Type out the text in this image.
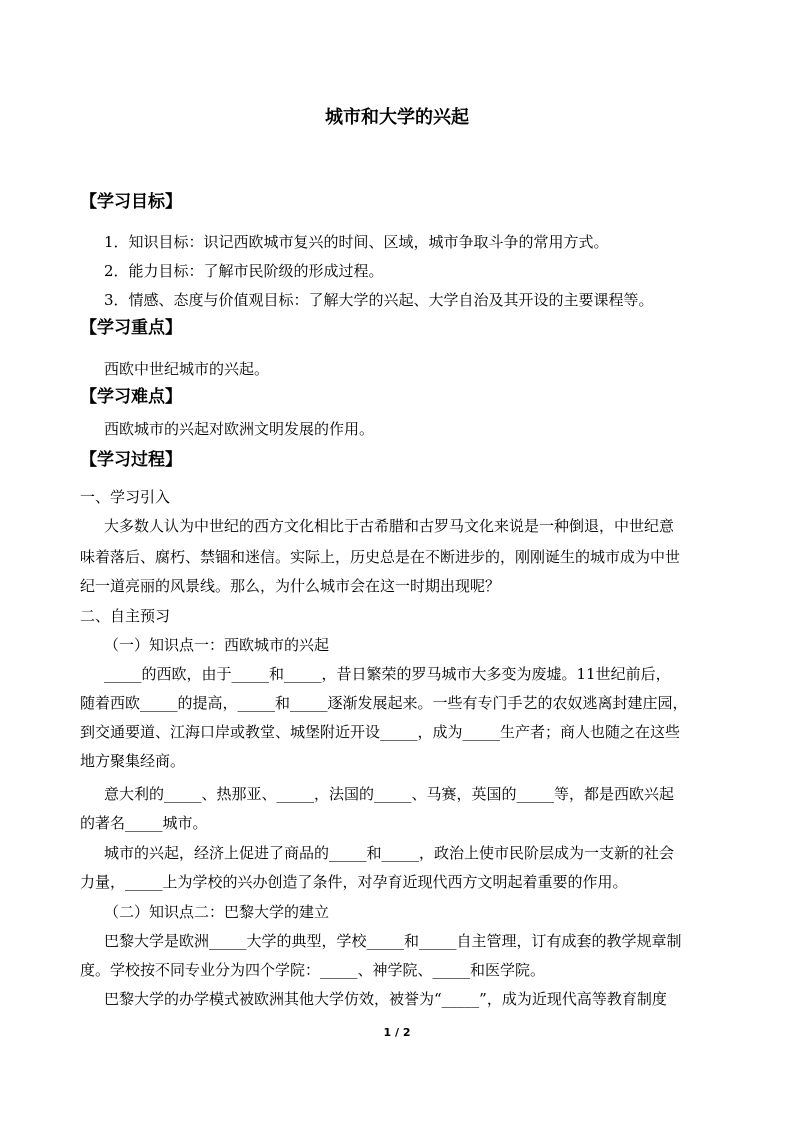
城市和大学的兴起
【学习目标】
1．知识目标：识记西欧城市复兴的时间、区域，城市争取斗争的常用方式。
2．能力目标：了解市民阶级的形成过程。
3．情感、态度与价值观目标：了解大学的兴起、大学自治及其开设的主要课程等。
【学习重点】
西欧中世纪城市的兴起。
【学习难点】
西欧城市的兴起对欧洲文明发展的作用。
【学习过程】
一、学习引入
大多数人认为中世纪的西方文化相比于古希腊和古罗马文化来说是一种倒退，中世纪意
味着落后、腐朽、禁锢和迷信。实际上，历史总是在不断进步的，刚刚诞生的城市成为中世
纪一道亮丽的风景线。那么，为什么城市会在这一时期出现呢？
二、自主预习
（一）知识点一：西欧城市的兴起
_____的西欧，由于_____和_____，昔日繁荣的罗马城市大多变为废墟。11世纪前后，
随着西欧_____的提高，_____和_____逐渐发展起来。一些有专门手艺的农奴逃离封建庄园，
到交通要道、江海口岸或教堂、城堡附近开设_____，成为_____生产者；商人也随之在这些
地方聚集经商。
意大利的_____、热那亚、_____，法国的_____、马赛，英国的_____等，都是西欧兴起
的著名_____城市。
城市的兴起，经济上促进了商品的_____和_____，政治上使市民阶层成为一支新的社会
力量，_____上为学校的兴办创造了条件，对孕育近现代西方文明起着重要的作用。
（二）知识点二：巴黎大学的建立
巴黎大学是欧洲_____大学的典型，学校_____和_____自主管理，订有成套的教学规章制
度。学校按不同专业分为四个学院：_____、神学院、_____和医学院。
巴黎大学的办学模式被欧洲其他大学仿效，被誉为“_____”，成为近现代高等教育制度
1 / 2
